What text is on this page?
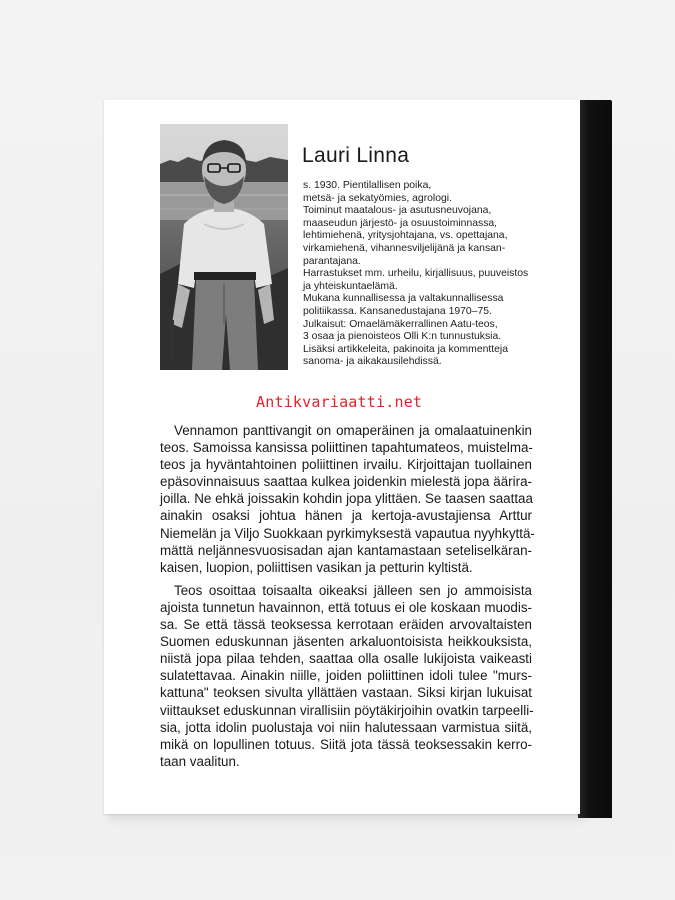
Lauri Linna
s. 1930. Pientilallisen poika,
metsä- ja sekatyömies, agrologi.
Toiminut maatalous- ja asutusneuvojana,
maaseudun järjestö- ja osuustoiminnassa,
lehtimiehenä, yritysjohtajana, vs. opettajana,
virkamiehenä, vihannesviljelijänä ja kansan-
parantajana.
Harrastukset mm. urheilu, kirjallisuus, puuveistos
ja yhteiskuntaelämä.
Mukana kunnallisessa ja valtakunnallisessa
politiikassa. Kansanedustajana 1970–75.
Julkaisut: Omaelämäkerrallinen Aatu-teos,
3 osaa ja pienoisteos Olli K:n tunnustuksia.
Lisäksi artikkeleita, pakinoita ja kommentteja
sanoma- ja aikakausilehdissä.
Antikvariaatti.net
Vennamon panttivangit on omaperäinen ja omalaatuinenkin
teos. Samoissa kansissa poliittinen tapahtumateos, muistelma-
teos ja hyväntahtoinen poliittinen irvailu. Kirjoittajan tuollainen
epäsovinnaisuus saattaa kulkea joidenkin mielestä jopa äärira-
joilla. Ne ehkä joissakin kohdin jopa ylittäen. Se taasen saattaa
ainakin osaksi johtua hänen ja kertoja-avustajiensa Arttur
Niemelän ja Viljo Suokkaan pyrkimyksestä vapautua nyyhkyttä-
mättä neljännesvuosisadan ajan kantamastaan seteliselkäran-
kaisen, luopion, poliittisen vasikan ja petturin kyltistä.
Teos osoittaa toisaalta oikeaksi jälleen sen jo ammoisista
ajoista tunnetun havainnon, että totuus ei ole koskaan muodis-
sa. Se että tässä teoksessa kerrotaan eräiden arvovaltaisten
Suomen eduskunnan jäsenten arkaluontoisista heikkouksista,
niistä jopa pilaa tehden, saattaa olla osalle lukijoista vaikeasti
sulatettavaa. Ainakin niille, joiden poliittinen idoli tulee "murs-
kattuna" teoksen sivulta yllättäen vastaan. Siksi kirjan lukuisat
viittaukset eduskunnan virallisiin pöytäkirjoihin ovatkin tarpeelli-
sia, jotta idolin puolustaja voi niin halutessaan varmistua siitä,
mikä on lopullinen totuus. Siitä jota tässä teoksessakin kerro-
taan vaalitun.
